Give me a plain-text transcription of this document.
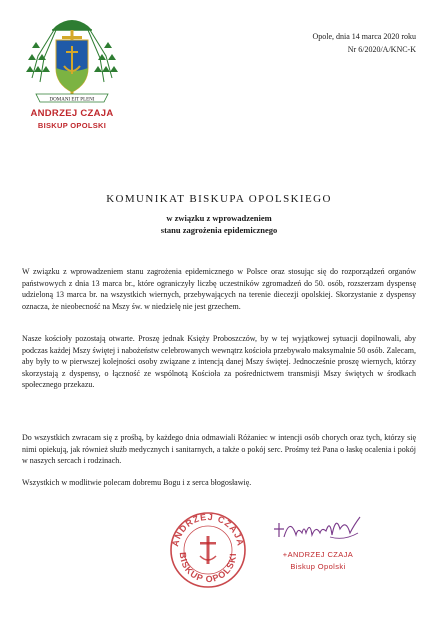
DOMANI EIT PLENI
ANDRZEJ CZAJA
BISKUP OPOLSKI
Opole, dnia 14 marca 2020 roku
Nr 6/2020/A/KNC-K
KOMUNIKAT BISKUPA OPOLSKIEGO
w związku z wprowadzeniem
stanu zagrożenia epidemicznego
W związku z wprowadzeniem stanu zagrożenia epidemicznego w Polsce oraz stosując się do rozporządzeń organów państwowych z dnia 13 marca br., które ograniczyły liczbę uczestników zgromadzeń do 50. osób, rozszerzam dyspensę udzieloną 13 marca br. na wszystkich wiernych, przebywających na terenie diecezji opolskiej. Skorzystanie z dyspensy oznacza, że nieobecność na Mszy św. w niedzielę nie jest grzechem.
Nasze kościoły pozostają otwarte. Proszę jednak Księży Proboszczów, by w tej wyjątkowej sytuacji dopilnowali, aby podczas każdej Mszy świętej i nabożeństw celebrowanych wewnątrz kościoła przebywało maksymalnie 50 osób. Zalecam, aby były to w pierwszej kolejności osoby związane z intencją danej Mszy świętej. Jednocześnie proszę wiernych, którzy skorzystają z dyspensy, o łączność ze wspólnotą Kościoła za pośrednictwem transmisji Mszy świętych w środkach społecznego przekazu.
Do wszystkich zwracam się z prośbą, by każdego dnia odmawiali Różaniec w intencji osób chorych oraz tych, którzy się nimi opiekują, jak również służb medycznych i sanitarnych, a także o pokój serc. Prośmy też Pana o łaskę ocalenia i pokój w naszych sercach i rodzinach.
Wszystkich w modlitwie polecam dobremu Bogu i z serca błogosławię.
ANDRZEJ CZAJA
BISKUP OPOLSKI	+ANDRZEJ CZAJA
Biskup Opolski
